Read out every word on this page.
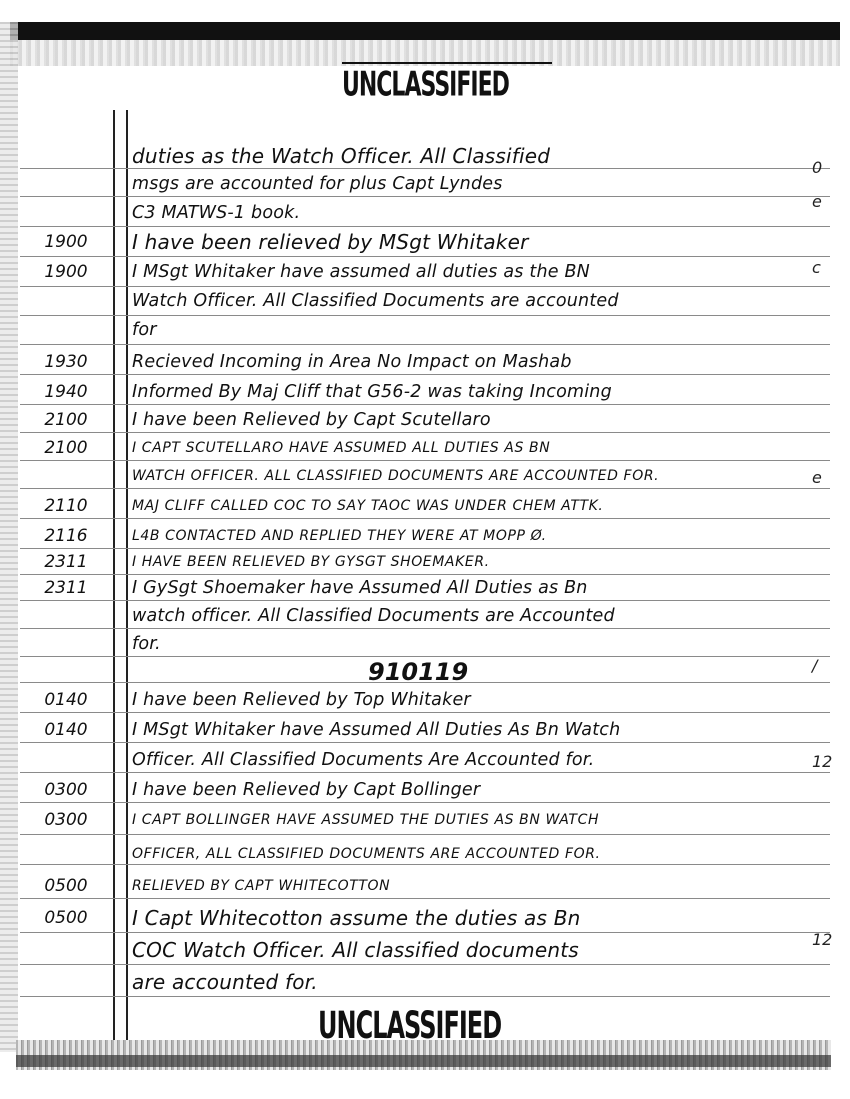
UNCLASSIFIED
duties as the Watch Officer. All Classified
msgs are accounted for plus Capt Lyndes
C3 MATWS-1 book.
1900	I have been relieved by MSgt Whitaker
1900	I MSgt Whitaker have assumed all duties as the BN
Watch Officer. All Classified Documents are accounted
for
1930	Recieved Incoming in Area No Impact on Mashab
1940	Informed By Maj Cliff that G56-2 was taking Incoming
2100	I have been Relieved by Capt Scutellaro
2100	I CAPT SCUTELLARO HAVE ASSUMED ALL DUTIES AS BN
WATCH OFFICER. ALL CLASSIFIED DOCUMENTS ARE ACCOUNTED FOR.
2110	MAJ CLIFF CALLED COC TO SAY TAOC WAS UNDER CHEM ATTK.
2116	L4B CONTACTED AND REPLIED THEY WERE AT MOPP Ø.
2311	I HAVE BEEN RELIEVED BY GYSGT SHOEMAKER.
2311	I GySgt Shoemaker have Assumed All Duties as Bn
watch officer. All Classified Documents are Accounted
for.
910119
0140	I have been Relieved by Top Whitaker
0140	I MSgt Whitaker have Assumed All Duties As Bn Watch
Officer. All Classified Documents Are Accounted for.
0300	I have been Relieved by Capt Bollinger
0300	I CAPT BOLLINGER HAVE ASSUMED THE DUTIES AS BN WATCH
OFFICER, ALL CLASSIFIED DOCUMENTS ARE ACCOUNTED FOR.
0500	RELIEVED BY CAPT WHITECOTTON
0500	I Capt Whitecotton assume the duties as Bn
COC Watch Officer. All classified documents
are accounted for.
0
e
c
e
/
12
12
UNCLASSIFIED
